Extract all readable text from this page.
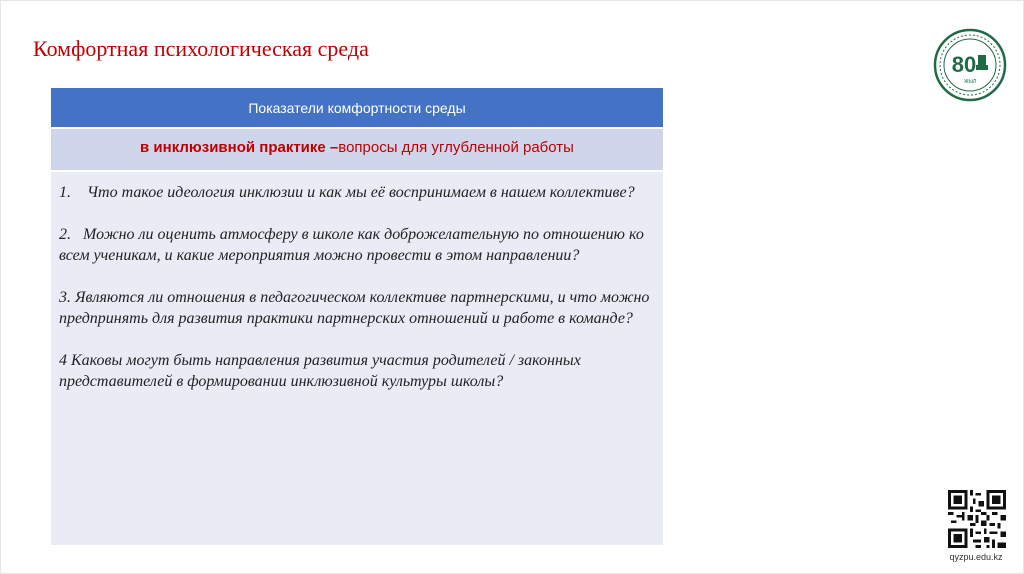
Комфортная психологическая среда
Показатели комфортности среды
в инклюзивной практике –вопросы для углубленной работы

1. Что такое идеология инклюзии и как мы её воспринимаем в нашем коллективе?

2.   Можно ли оценить атмосферу в школе как доброжелательную по отношению ко всем ученикам, и какие мероприятия можно провести в этом направлении?

3. Являются ли отношения в педагогическом коллективе партнерскими, и что можно предпринять для развития практики партнерских отношений и работе в команде?

4 Каковы могут быть направления развития участия родителей / законных представителей в формировании инклюзивной культуры школы?

80
ЖЫЛ
qyzpu.edu.kz
